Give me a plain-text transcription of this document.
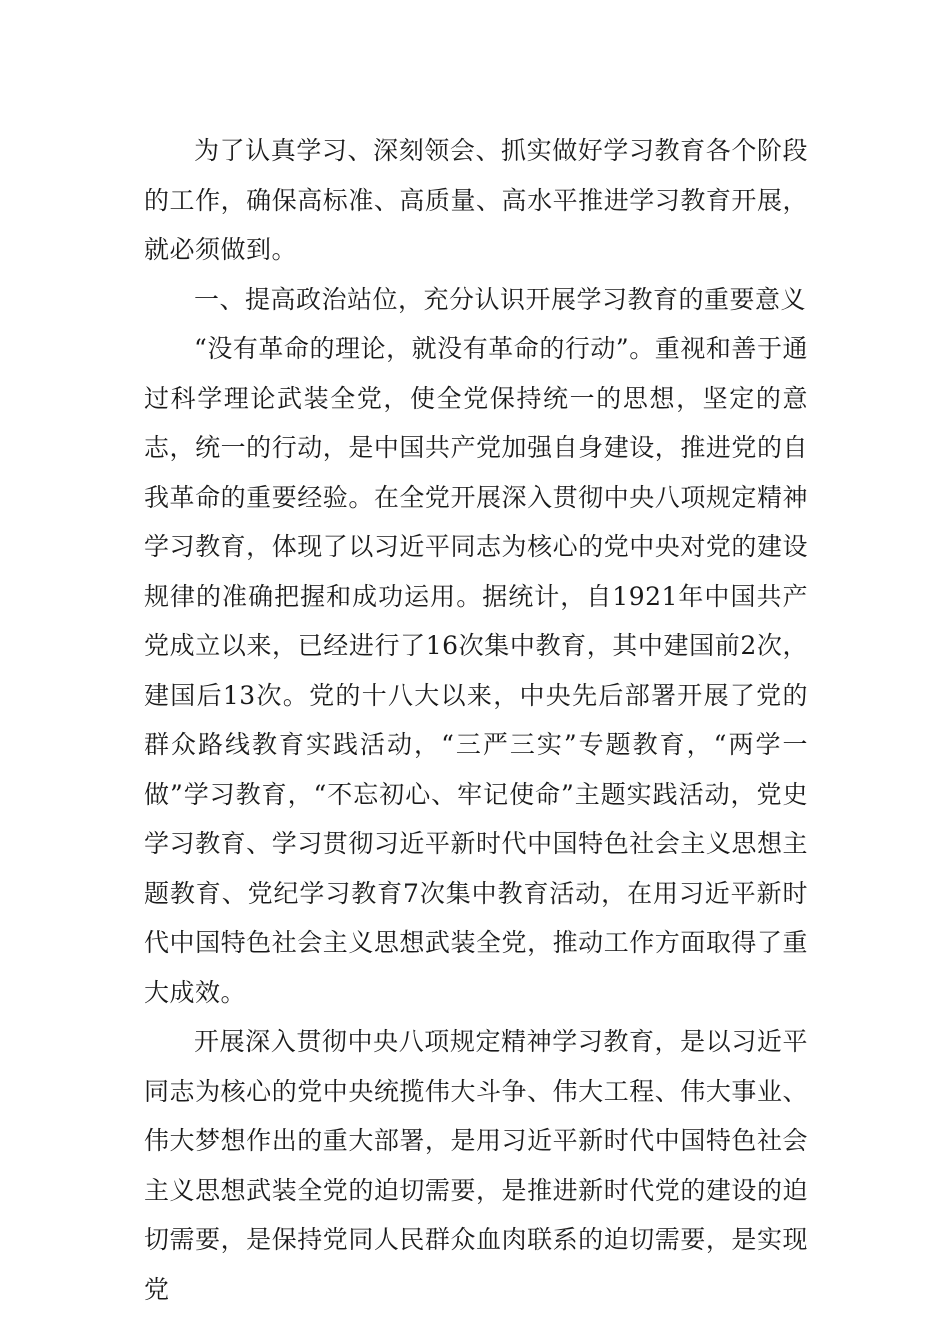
为了认真学习、深刻领会、抓实做好学习教育各个阶段的工作，确保高标准、高质量、高水平推进学习教育开展，就必须做到。

一、提高政治站位，充分认识开展学习教育的重要意义

“没有革命的理论，就没有革命的行动”。重视和善于通过科学理论武装全党，使全党保持统一的思想，坚定的意志，统一的行动，是中国共产党加强自身建设，推进党的自我革命的重要经验。在全党开展深入贯彻中央八项规定精神学习教育，体现了以习近平同志为核心的党中央对党的建设规律的准确把握和成功运用。据统计，自1921年中国共产党成立以来，已经进行了16次集中教育，其中建国前2次，建国后13次。党的十八大以来，中央先后部署开展了党的群众路线教育实践活动，“三严三实”专题教育，“两学一做”学习教育，“不忘初心、牢记使命”主题实践活动，党史学习教育、学习贯彻习近平新时代中国特色社会主义思想主题教育、党纪学习教育7次集中教育活动，在用习近平新时代中国特色社会主义思想武装全党，推动工作方面取得了重大成效。

开展深入贯彻中央八项规定精神学习教育，是以习近平同志为核心的党中央统揽伟大斗争、伟大工程、伟大事业、伟大梦想作出的重大部署，是用习近平新时代中国特色社会主义思想武装全党的迫切需要，是推进新时代党的建设的迫切需要，是保持党同人民群众血肉联系的迫切需要，是实现党
